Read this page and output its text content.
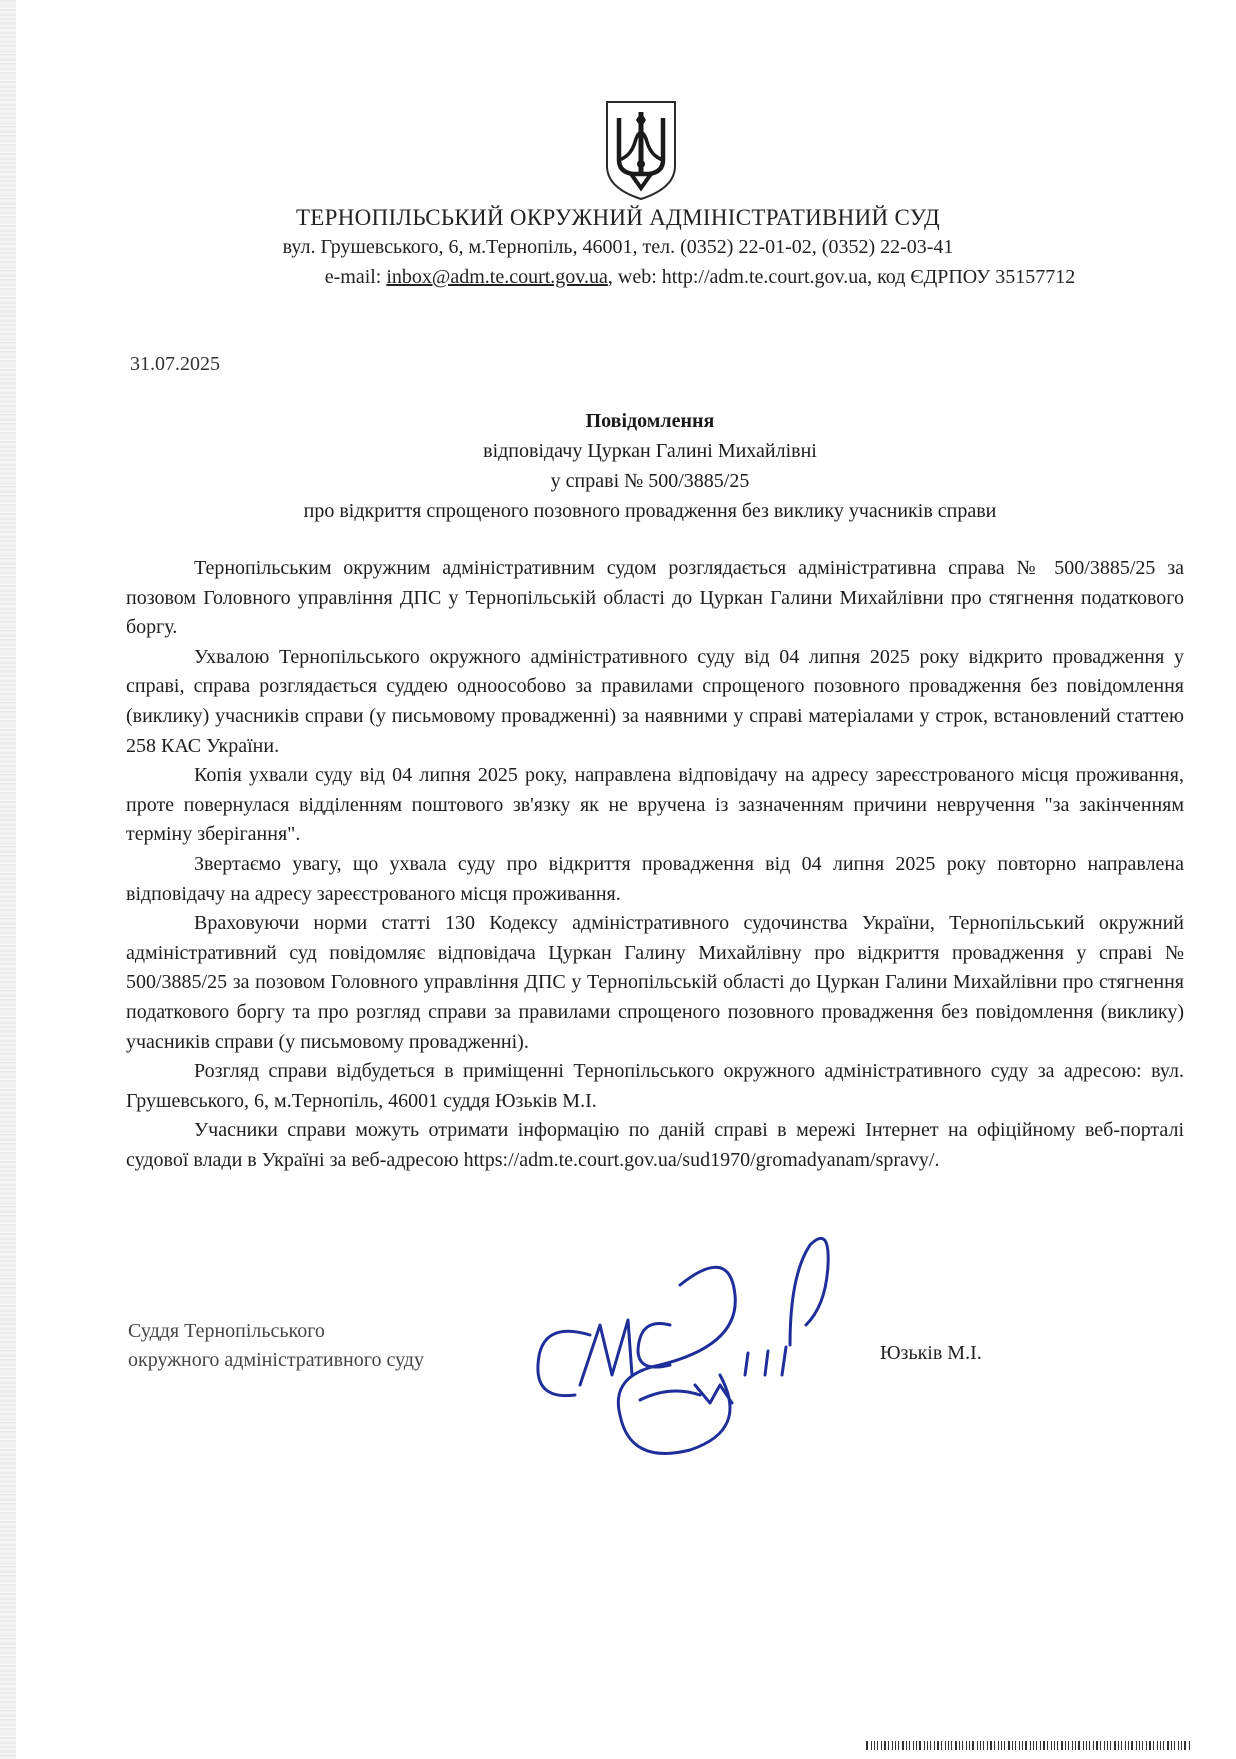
ТЕРНОПІЛЬСЬКИЙ ОКРУЖНИЙ АДМІНІСТРАТИВНИЙ СУД
вул. Грушевського, 6, м.Тернопіль, 46001, тел. (0352) 22-01-02, (0352) 22-03-41
e-mail: inbox@adm.te.court.gov.ua, web: http://adm.te.court.gov.ua, код ЄДРПОУ 35157712
31.07.2025
Повідомлення
відповідачу Цуркан Галині Михайлівні
у справі № 500/3885/25
про відкриття спрощеного позовного провадження без виклику учасників справи

Тернопільським окружним адміністративним судом розглядається адміністративна справа № 500/3885/25 за позовом Головного управління ДПС у Тернопільській області до Цуркан Галини Михайлівни про стягнення податкового боргу.

Ухвалою Тернопільського окружного адміністративного суду від 04 липня 2025 року відкрито провадження у справі, справа розглядається суддею одноособово за правилами спрощеного позовного провадження без повідомлення (виклику) учасників справи (у письмовому провадженні) за наявними у справі матеріалами у строк, встановлений статтею 258 КАС України.

Копія ухвали суду від 04 липня 2025 року, направлена відповідачу на адресу зареєстрованого місця проживання, проте повернулася відділенням поштового зв'язку як не вручена із зазначенням причини невручення "за закінченням терміну зберігання".

Звертаємо увагу, що ухвала суду про відкриття провадження від 04 липня 2025 року повторно направлена відповідачу на адресу зареєстрованого місця проживання.

Враховуючи норми статті 130 Кодексу адміністративного судочинства України, Тернопільський окружний адміністративний суд повідомляє відповідача Цуркан Галину Михайлівну про відкриття провадження у справі № 500/3885/25 за позовом Головного управління ДПС у Тернопільській області до Цуркан Галини Михайлівни про стягнення податкового боргу та про розгляд справи за правилами спрощеного позовного провадження без повідомлення (виклику) учасників справи (у письмовому провадженні).

Розгляд справи відбудеться в приміщенні Тернопільського окружного адміністративного суду за адресою: вул. Грушевського, 6, м.Тернопіль, 46001 суддя Юзьків М.І.

Учасники справи можуть отримати інформацію по даній справі в мережі Інтернет на офіційному веб-порталі судової влади в Україні за веб-адресою https://adm.te.court.gov.ua/sud1970/gromadyanam/spravy/.

Суддя Тернопільського
окружного адміністративного суду	Юзьків М.І.
